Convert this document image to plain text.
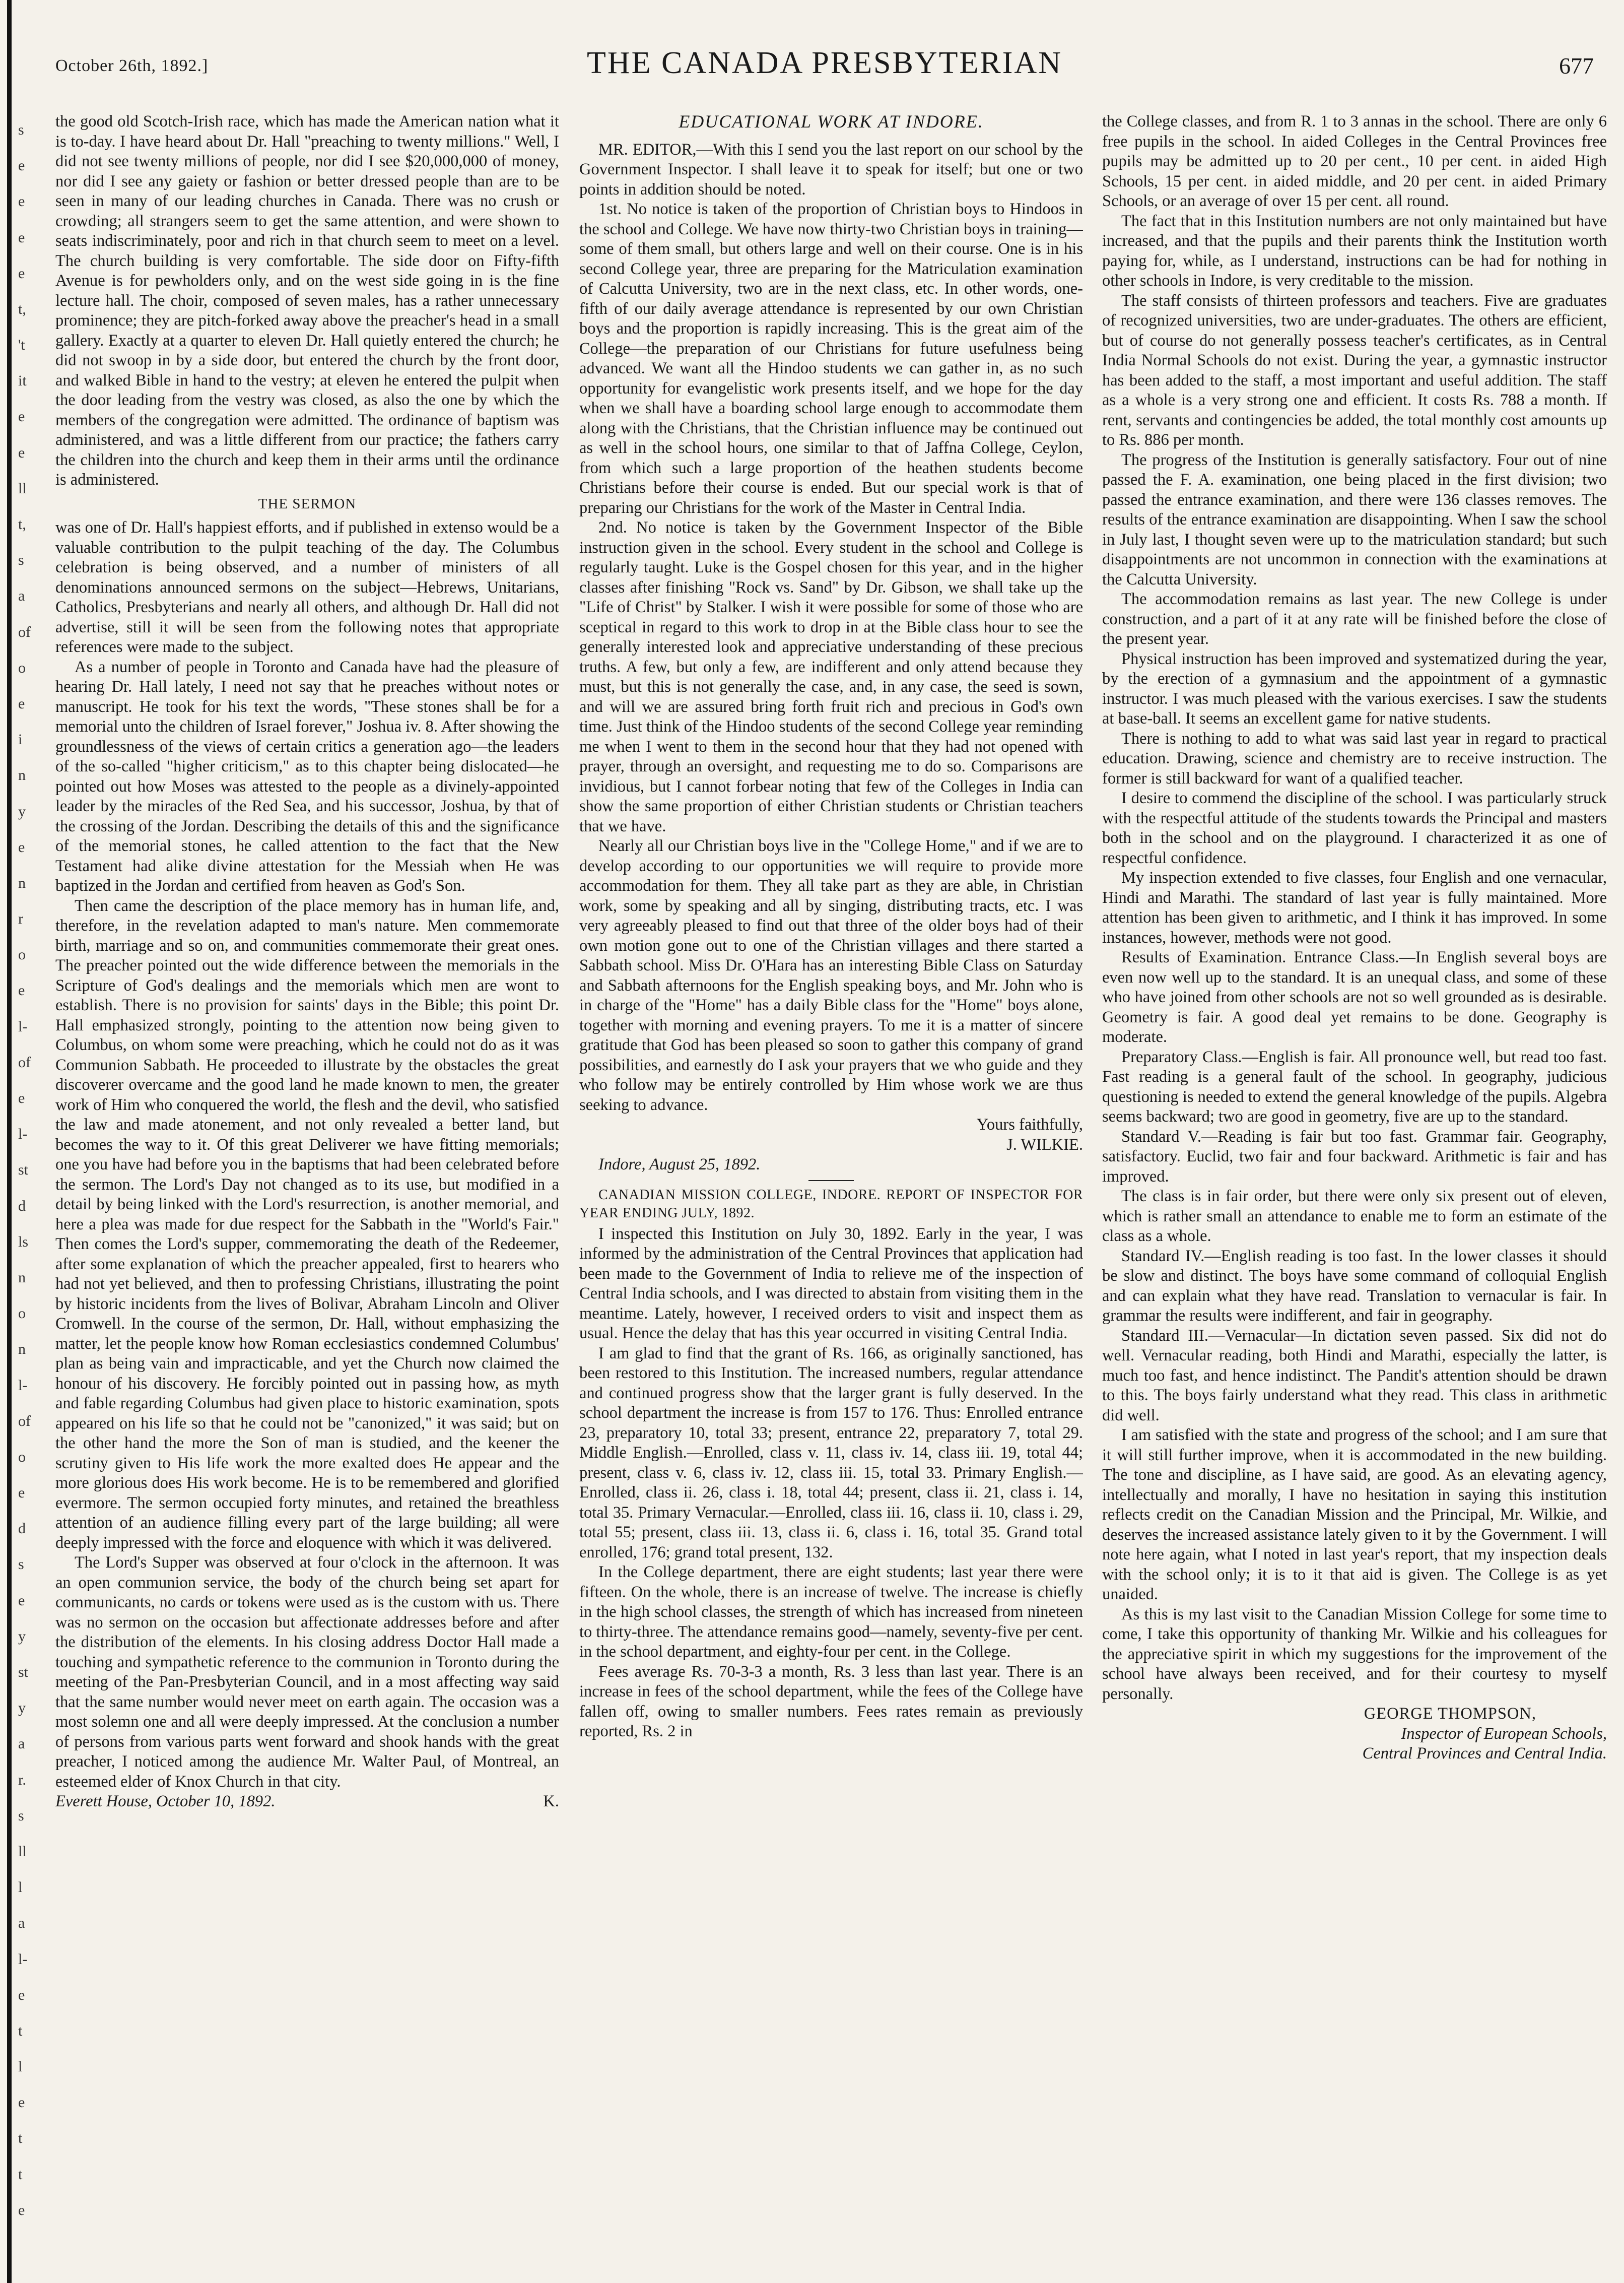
s
e
e
e
e
t,
't
it
e
e
ll
t,
s
a
of
o
e
i
n
y
e
n
r
o
e
l-
of
e
l-
st
d
ls
n
o
n
l-
of
o
e
d
s
e
y
st
y
a
r.
s
ll
l
a
l-
e
t
l
e
t
t
e
October 26th, 1892.]	THE CANADA PRESBYTERIAN	677

the good old Scotch-Irish race, which has made the American nation what it is to-day. I have heard about Dr. Hall "preaching to twenty millions." Well, I did not see twenty millions of people, nor did I see $20,000,000 of money, nor did I see any gaiety or fashion or better dressed people than are to be seen in many of our leading churches in Canada. There was no crush or crowding; all strangers seem to get the same attention, and were shown to seats indiscriminately, poor and rich in that church seem to meet on a level. The church building is very comfortable. The side door on Fifty-fifth Avenue is for pewholders only, and on the west side going in is the fine lecture hall. The choir, composed of seven males, has a rather unnecessary prominence; they are pitch-forked away above the preacher's head in a small gallery. Exactly at a quarter to eleven Dr. Hall quietly entered the church; he did not swoop in by a side door, but entered the church by the front door, and walked Bible in hand to the vestry; at eleven he entered the pulpit when the door leading from the vestry was closed, as also the one by which the members of the congregation were admitted. The ordinance of baptism was administered, and was a little different from our practice; the fathers carry the children into the church and keep them in their arms until the ordinance is administered.

THE SERMON

was one of Dr. Hall's happiest efforts, and if published in extenso would be a valuable contribution to the pulpit teaching of the day. The Columbus celebration is being observed, and a number of ministers of all denominations announced sermons on the subject—Hebrews, Unitarians, Catholics, Presbyterians and nearly all others, and although Dr. Hall did not advertise, still it will be seen from the following notes that appropriate references were made to the subject.

As a number of people in Toronto and Canada have had the pleasure of hearing Dr. Hall lately, I need not say that he preaches without notes or manuscript. He took for his text the words, "These stones shall be for a memorial unto the children of Israel forever," Joshua iv. 8. After showing the groundlessness of the views of certain critics a generation ago—the leaders of the so-called "higher criticism," as to this chapter being dislocated—he pointed out how Moses was attested to the people as a divinely-appointed leader by the miracles of the Red Sea, and his successor, Joshua, by that of the crossing of the Jordan. Describing the details of this and the significance of the memorial stones, he called attention to the fact that the New Testament had alike divine attestation for the Messiah when He was baptized in the Jordan and certified from heaven as God's Son.

Then came the description of the place memory has in human life, and, therefore, in the revelation adapted to man's nature. Men commemorate birth, marriage and so on, and communities commemorate their great ones. The preacher pointed out the wide difference between the memorials in the Scripture of God's dealings and the memorials which men are wont to establish. There is no provision for saints' days in the Bible; this point Dr. Hall emphasized strongly, pointing to the attention now being given to Columbus, on whom some were preaching, which he could not do as it was Communion Sabbath. He proceeded to illustrate by the obstacles the great discoverer overcame and the good land he made known to men, the greater work of Him who conquered the world, the flesh and the devil, who satisfied the law and made atonement, and not only revealed a better land, but becomes the way to it. Of this great Deliverer we have fitting memorials; one you have had before you in the baptisms that had been celebrated before the sermon. The Lord's Day not changed as to its use, but modified in a detail by being linked with the Lord's resurrection, is another memorial, and here a plea was made for due respect for the Sabbath in the "World's Fair." Then comes the Lord's supper, commemorating the death of the Redeemer, after some explanation of which the preacher appealed, first to hearers who had not yet believed, and then to professing Christians, illustrating the point by historic incidents from the lives of Bolivar, Abraham Lincoln and Oliver Cromwell. In the course of the sermon, Dr. Hall, without emphasizing the matter, let the people know how Roman ecclesiastics condemned Columbus' plan as being vain and impracticable, and yet the Church now claimed the honour of his discovery. He forcibly pointed out in passing how, as myth and fable regarding Columbus had given place to historic examination, spots appeared on his life so that he could not be "canonized," it was said; but on the other hand the more the Son of man is studied, and the keener the scrutiny given to His life work the more exalted does He appear and the more glorious does His work become. He is to be remembered and glorified evermore. The sermon occupied forty minutes, and retained the breathless attention of an audience filling every part of the large building; all were deeply impressed with the force and eloquence with which it was delivered.

The Lord's Supper was observed at four o'clock in the afternoon. It was an open communion service, the body of the church being set apart for communicants, no cards or tokens were used as is the custom with us. There was no sermon on the occasion but affectionate addresses before and after the distribution of the elements. In his closing address Doctor Hall made a touching and sympathetic reference to the communion in Toronto during the meeting of the Pan-Presbyterian Council, and in a most affecting way said that the same number would never meet on earth again. The occasion was a most solemn one and all were deeply impressed. At the conclusion a number of persons from various parts went forward and shook hands with the great preacher, I noticed among the audience Mr. Walter Paul, of Montreal, an esteemed elder of Knox Church in that city.

Everett House, October 10, 1892.	K.
EDUCATIONAL WORK AT INDORE.

MR. EDITOR,—With this I send you the last report on our school by the Government Inspector. I shall leave it to speak for itself; but one or two points in addition should be noted.

1st. No notice is taken of the proportion of Christian boys to Hindoos in the school and College. We have now thirty-two Christian boys in training—some of them small, but others large and well on their course. One is in his second College year, three are preparing for the Matriculation examination of Calcutta University, two are in the next class, etc. In other words, one-fifth of our daily average attendance is represented by our own Christian boys and the proportion is rapidly increasing. This is the great aim of the College—the preparation of our Christians for future usefulness being advanced. We want all the Hindoo students we can gather in, as no such opportunity for evangelistic work presents itself, and we hope for the day when we shall have a boarding school large enough to accommodate them along with the Christians, that the Christian influence may be continued out as well in the school hours, one similar to that of Jaffna College, Ceylon, from which such a large proportion of the heathen students become Christians before their course is ended. But our special work is that of preparing our Christians for the work of the Master in Central India.

2nd. No notice is taken by the Government Inspector of the Bible instruction given in the school. Every student in the school and College is regularly taught. Luke is the Gospel chosen for this year, and in the higher classes after finishing "Rock vs. Sand" by Dr. Gibson, we shall take up the "Life of Christ" by Stalker. I wish it were possible for some of those who are sceptical in regard to this work to drop in at the Bible class hour to see the generally interested look and appreciative understanding of these precious truths. A few, but only a few, are indifferent and only attend because they must, but this is not generally the case, and, in any case, the seed is sown, and will we are assured bring forth fruit rich and precious in God's own time. Just think of the Hindoo students of the second College year reminding me when I went to them in the second hour that they had not opened with prayer, through an oversight, and requesting me to do so. Comparisons are invidious, but I cannot forbear noting that few of the Colleges in India can show the same proportion of either Christian students or Christian teachers that we have.

Nearly all our Christian boys live in the "College Home," and if we are to develop according to our opportunities we will require to provide more accommodation for them. They all take part as they are able, in Christian work, some by speaking and all by singing, distributing tracts, etc. I was very agreeably pleased to find out that three of the older boys had of their own motion gone out to one of the Christian villages and there started a Sabbath school. Miss Dr. O'Hara has an interesting Bible Class on Saturday and Sabbath afternoons for the English speaking boys, and Mr. John who is in charge of the "Home" has a daily Bible class for the "Home" boys alone, together with morning and evening prayers. To me it is a matter of sincere gratitude that God has been pleased so soon to gather this company of grand possibilities, and earnestly do I ask your prayers that we who guide and they who follow may be entirely controlled by Him whose work we are thus seeking to advance.

Yours faithfully,

J. WILKIE.

Indore, August 25, 1892.

CANADIAN MISSION COLLEGE, INDORE. REPORT OF INSPECTOR FOR YEAR ENDING JULY, 1892.

I inspected this Institution on July 30, 1892. Early in the year, I was informed by the administration of the Central Provinces that application had been made to the Government of India to relieve me of the inspection of Central India schools, and I was directed to abstain from visiting them in the meantime. Lately, however, I received orders to visit and inspect them as usual. Hence the delay that has this year occurred in visiting Central India.

I am glad to find that the grant of Rs. 166, as originally sanctioned, has been restored to this Institution. The increased numbers, regular attendance and continued progress show that the larger grant is fully deserved. In the school department the increase is from 157 to 176. Thus: Enrolled entrance 23, preparatory 10, total 33; present, entrance 22, preparatory 7, total 29. Middle English.—Enrolled, class v. 11, class iv. 14, class iii. 19, total 44; present, class v. 6, class iv. 12, class iii. 15, total 33. Primary English.—Enrolled, class ii. 26, class i. 18, total 44; present, class ii. 21, class i. 14, total 35. Primary Vernacular.—Enrolled, class iii. 16, class ii. 10, class i. 29, total 55; present, class iii. 13, class ii. 6, class i. 16, total 35. Grand total enrolled, 176; grand total present, 132.

In the College department, there are eight students; last year there were fifteen. On the whole, there is an increase of twelve. The increase is chiefly in the high school classes, the strength of which has increased from nineteen to thirty-three. The attendance remains good—namely, seventy-five per cent. in the school department, and eighty-four per cent. in the College.

Fees average Rs. 70-3-3 a month, Rs. 3 less than last year. There is an increase in fees of the school department, while the fees of the College have fallen off, owing to smaller numbers. Fees rates remain as previously reported, Rs. 2 in

the College classes, and from R. 1 to 3 annas in the school. There are only 6 free pupils in the school. In aided Colleges in the Central Provinces free pupils may be admitted up to 20 per cent., 10 per cent. in aided High Schools, 15 per cent. in aided middle, and 20 per cent. in aided Primary Schools, or an average of over 15 per cent. all round.

The fact that in this Institution numbers are not only maintained but have increased, and that the pupils and their parents think the Institution worth paying for, while, as I understand, instructions can be had for nothing in other schools in Indore, is very creditable to the mission.

The staff consists of thirteen professors and teachers. Five are graduates of recognized universities, two are under-graduates. The others are efficient, but of course do not generally possess teacher's certificates, as in Central India Normal Schools do not exist. During the year, a gymnastic instructor has been added to the staff, a most important and useful addition. The staff as a whole is a very strong one and efficient. It costs Rs. 788 a month. If rent, servants and contingencies be added, the total monthly cost amounts up to Rs. 886 per month.

The progress of the Institution is generally satisfactory. Four out of nine passed the F. A. examination, one being placed in the first division; two passed the entrance examination, and there were 136 classes removes. The results of the entrance examination are disappointing. When I saw the school in July last, I thought seven were up to the matriculation standard; but such disappointments are not uncommon in connection with the examinations at the Calcutta University.

The accommodation remains as last year. The new College is under construction, and a part of it at any rate will be finished before the close of the present year.

Physical instruction has been improved and systematized during the year, by the erection of a gymnasium and the appointment of a gymnastic instructor. I was much pleased with the various exercises. I saw the students at base-ball. It seems an excellent game for native students.

There is nothing to add to what was said last year in regard to practical education. Drawing, science and chemistry are to receive instruction. The former is still backward for want of a qualified teacher.

I desire to commend the discipline of the school. I was particularly struck with the respectful attitude of the students towards the Principal and masters both in the school and on the playground. I characterized it as one of respectful confidence.

My inspection extended to five classes, four English and one vernacular, Hindi and Marathi. The standard of last year is fully maintained. More attention has been given to arithmetic, and I think it has improved. In some instances, however, methods were not good.

Results of Examination. Entrance Class.—In English several boys are even now well up to the standard. It is an unequal class, and some of these who have joined from other schools are not so well grounded as is desirable. Geometry is fair. A good deal yet remains to be done. Geography is moderate.

Preparatory Class.—English is fair. All pronounce well, but read too fast. Fast reading is a general fault of the school. In geography, judicious questioning is needed to extend the general knowledge of the pupils. Algebra seems backward; two are good in geometry, five are up to the standard.

Standard V.—Reading is fair but too fast. Grammar fair. Geography, satisfactory. Euclid, two fair and four backward. Arithmetic is fair and has improved.

The class is in fair order, but there were only six present out of eleven, which is rather small an attendance to enable me to form an estimate of the class as a whole.

Standard IV.—English reading is too fast. In the lower classes it should be slow and distinct. The boys have some command of colloquial English and can explain what they have read. Translation to vernacular is fair. In grammar the results were indifferent, and fair in geography.

Standard III.—Vernacular—In dictation seven passed. Six did not do well. Vernacular reading, both Hindi and Marathi, especially the latter, is much too fast, and hence indistinct. The Pandit's attention should be drawn to this. The boys fairly understand what they read. This class in arithmetic did well.

I am satisfied with the state and progress of the school; and I am sure that it will still further improve, when it is accommodated in the new building. The tone and discipline, as I have said, are good. As an elevating agency, intellectually and morally, I have no hesitation in saying this institution reflects credit on the Canadian Mission and the Principal, Mr. Wilkie, and deserves the increased assistance lately given to it by the Government. I will note here again, what I noted in last year's report, that my inspection deals with the school only; it is to it that aid is given. The College is as yet unaided.

As this is my last visit to the Canadian Mission College for some time to come, I take this opportunity of thanking Mr. Wilkie and his colleagues for the appreciative spirit in which my suggestions for the improvement of the school have always been received, and for their courtesy to myself personally.

GEORGE THOMPSON,

Inspector of European Schools,

Central Provinces and Central India.
